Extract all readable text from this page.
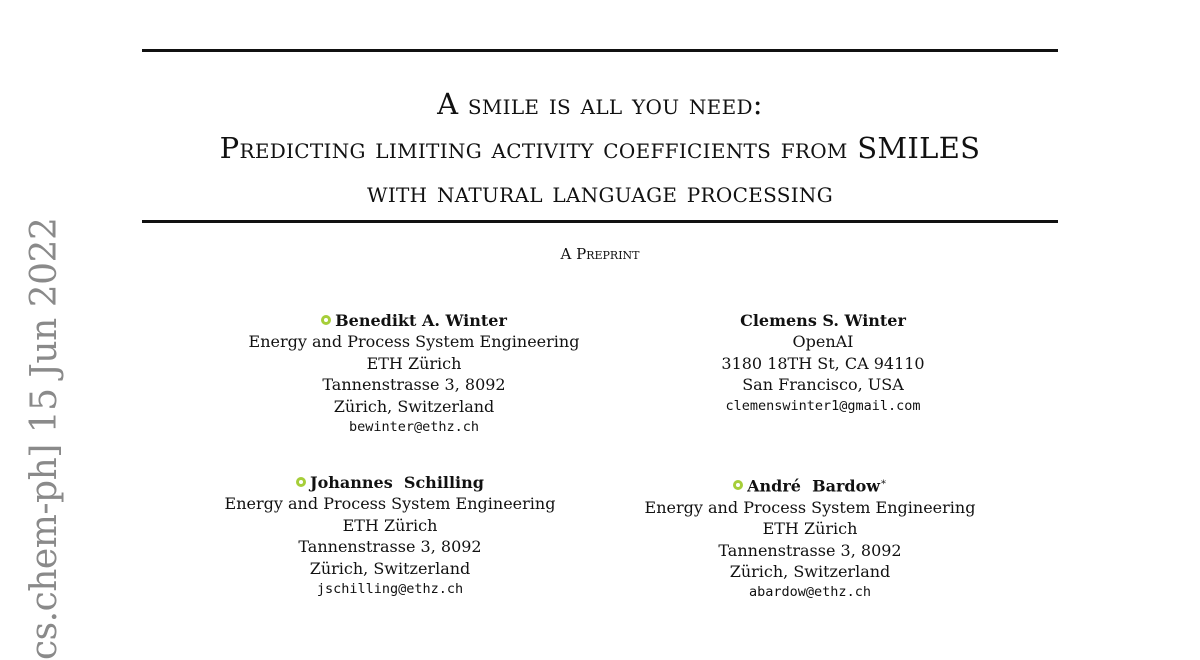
cs.chem-ph] 15 Jun 2022
A smile is all you need:
Predicting limiting activity coefficients from SMILES
with natural language processing
A Preprint
Benedikt A. Winter
Energy and Process System Engineering
ETH Zürich
Tannenstrasse 3, 8092
Zürich, Switzerland
bewinter@ethz.ch
Clemens S. Winter
OpenAI
3180 18TH St, CA 94110
San Francisco, USA
clemenswinter1@gmail.com
Johannes  Schilling
Energy and Process System Engineering
ETH Zürich
Tannenstrasse 3, 8092
Zürich, Switzerland
jschilling@ethz.ch
André  Bardow∗
Energy and Process System Engineering
ETH Zürich
Tannenstrasse 3, 8092
Zürich, Switzerland
abardow@ethz.ch
